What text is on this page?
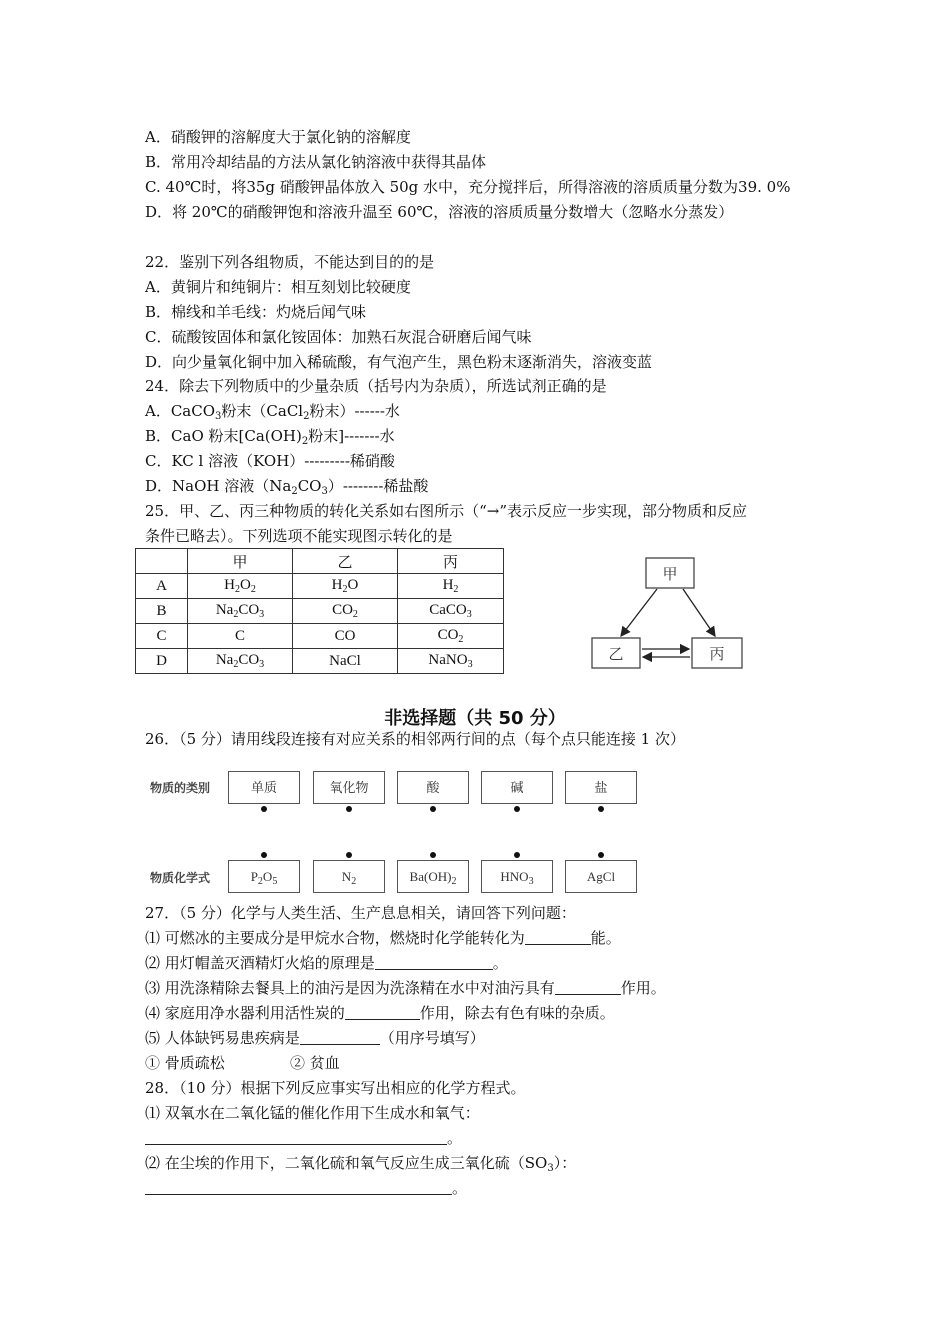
A．硝酸钾的溶解度大于氯化钠的溶解度
B．常用冷却结晶的方法从氯化钠溶液中获得其晶体
C. 40℃时，将35g 硝酸钾晶体放入 50g 水中，充分搅拌后，所得溶液的溶质质量分数为39. 0%
D．将 20℃的硝酸钾饱和溶液升温至 60℃，溶液的溶质质量分数增大（忽略水分蒸发）
22．鉴别下列各组物质，不能达到目的的是
A．黄铜片和纯铜片：相互刻划比较硬度
B．棉线和羊毛线：灼烧后闻气味
C．硫酸铵固体和氯化铵固体：加熟石灰混合研磨后闻气味
D．向少量氧化铜中加入稀硫酸，有气泡产生，黑色粉末逐渐消失，溶液变蓝
24．除去下列物质中的少量杂质（括号内为杂质），所选试剂正确的是
A．CaCO$_3$粉末（CaCl$_2$粉末）------水
B．CaO 粉末[$Ca(OH)_2$粉末]-------水
C．KC l 溶液（KOH）---------稀硝酸
D．NaOH 溶液$(Na_2CO_3)--------$稀盐酸
25．甲、乙、丙三种物质的转化关系如右图所示（“→”表示反应一步实现，部分物质和反应
条件已略去）。下列选项不能实现图示转化的是
	甲	乙	丙
A	$H_2O_2$	$H_2O$	$H_2$
B	$Na_2CO_3$	$CO_2$	CaCO$_3$
C	C	CO	$CO_2$
D	$Na_2CO_3$	NaCl	NaNO$_3$
甲
乙	丙
非选择题（共 50 分）
26．（5 分）请用线段连接有对应关系的相邻两行间的点（每个点只能连接 1 次）
物质的类别	单质	氧化物	酸	碱	盐
物质化学式	$P_2O_5$	$N_2$	$Ba(OH)_2$	$HNO_3$	AgCl
27．（5 分）化学与人类生活、生产息息相关，请回答下列问题：
⑴ 可燃冰的主要成分是甲烷水合物，燃烧时化学能转化为	能。
⑵ 用灯帽盖灭酒精灯火焰的原理是	。
⑶ 用洗涤精除去餐具上的油污是因为洗涤精在水中对油污具有	作用。
⑷ 家庭用净水器利用活性炭的	作用，除去有色有味的杂质。
⑸ 人体缺钙易患疾病是	（用序号填写）
① 骨质疏松	② 贫血
28．（10 分）根据下列反应事实写出相应的化学方程式。
⑴ 双氧水在二氧化锰的催化作用下生成水和氧气：
。
⑵ 在尘埃的作用下，二氧化硫和氧气反应生成三氧化硫$(SO_3)$：
。
